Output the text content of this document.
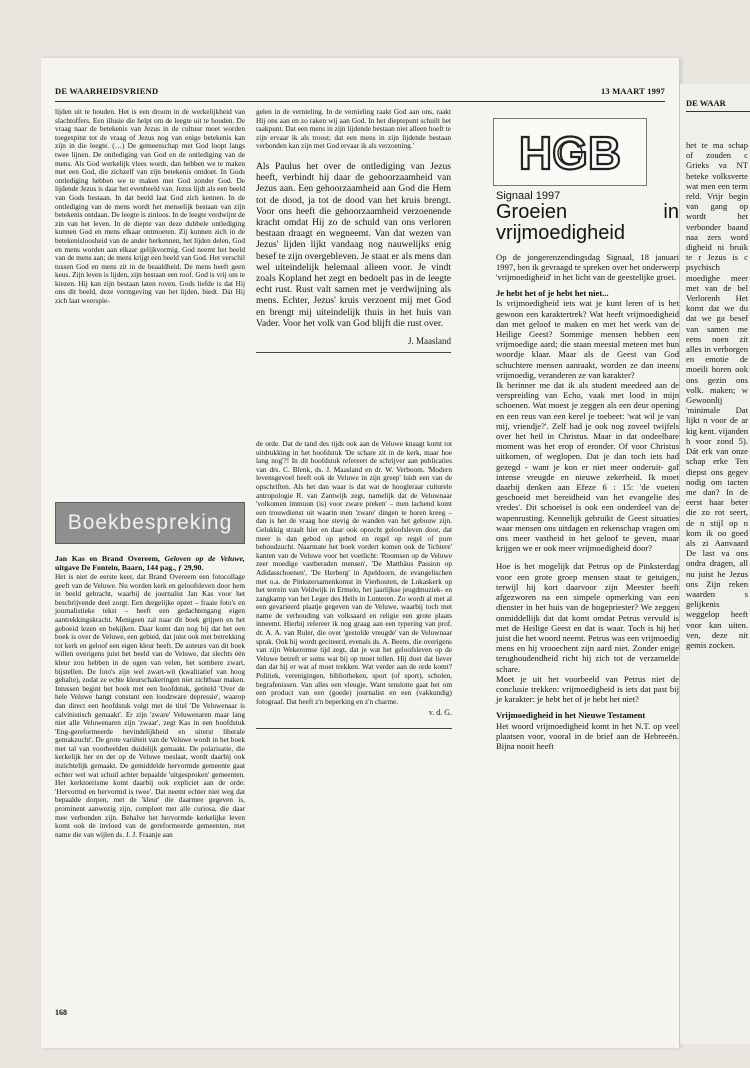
DE WAARHEIDSVRIEND	13 MAART 1997

lijden uit te houden. Het is een droom in de werkelijkheid van slachtoffers. Een illusie die helpt om de leegte uit te houden. De vraag naar de betekenis van Jezus in de cultuur moet worden toegespitst tot de vraag of Jezus nog van enige betekenis kan zijn in die leegte. (…) De gemeenschap met God loopt langs twee lijnen. De ontlediging van God en de ontlediging van de mens. Als God werkelijk vlees wordt, dan hebben we te maken met een God, die zichzelf van zijn betekenis ontdoet. In Gods ontlediging hebben we te maken met God zonder God. De lijdende Jezus is daar het evenbeeld van. Jezus lijdt als een beeld van Gods bestaan. In dat beeld laat God zich kennen. In de ontlediging van de mens wordt het menselijk bestaan van zijn betekenis ontdaan. De leegte is zinloos. In de leegte verdwijnt de zin van het leven. In de diepte van deze dubbele ontlediging kunnen God en mens elkaar ontmoeten. Zij kunnen zich in de betekenisloosheid van de ander herkennen, het lijden delen, God en mens worden aan elkaar gelijkvormig. God neemt het beeld van de mens aan; de mens krijgt een beeld van God. Het verschil tussen God en mens zit in de beaaldheid. De mens heeft geen keus. Zijn leven is lijden, zijn bestaan een roof. God is vrij om te kiezen. Hij kan zijn bestaan laten roven. Gods liefde is dat Hij ons dit beeld, deze vormgeving van het lijden, biedt. Dát Hij zich laat weerspie-

gelen in de vernieling. In de vernieling raakt God aan ons, raakt Hij ons aan en zo raken wij aan God. In het dieptepunt schuilt het raakpunt. Dat een mens in zijn lijdende bestaan niet alleen hoeft te zijn ervaar ik als troost; dat een mens in zijn lijdende bestaan verbonden kan zijn met God ervaar ik als verzoening.'

Als Paulus het over de ontlediging van Jezus heeft, verbindt hij daar de gehoorzaamheid van Jezus aan. Een gehoorzaamheid aan God die Hem tot de dood, ja tot de dood van het kruis brengt. Voor ons heeft die gehoorzaamheid verzoenende kracht omdat Hij zo de schuld van ons verloren bestaan draagt en wegneemt. Van dat wezen van Jezus' lijden lijkt vandaag nog nauwelijks enig besef te zijn overgebleven. Je staat er als mens dan wel uiteindelijk helemaal alleen voor. Je vindt zoals Kopland het zegt en bedoelt pas in de leegte echt rust. Rust valt samen met je verdwijning als mens. Echter, Jezus' kruis verzoent mij met God en brengt mij uiteindelijk thuis in het huis van Vader. Voor het volk van God blijft die rust over.

J. Maasland
HGB
Signaal 1997
Groeien in vrijmoedigheid

Op de jongerenzendingsdag Signaal, 18 januari 1997, ben ik gevraagd te spreken over het onderwerp 'vrijmoedigheid' in het licht van de geestelijke groei.

Je hebt het of je hebt het niet...

Is vrijmoedigheid iets wat je kunt leren of is het gewoon een karaktertrek? Wat heeft vrijmoedigheid dan met geloof te maken en met het werk van de Heilige Geest? Sommige mensen hebben een vrijmoedige aard; die staan meestal meteen met hun woordje klaar. Maar als de Geest van God schuchtere mensen aanraakt, worden ze dan ineens vrijmoedig, veranderen ze van karakter?

Ik herinner me dat ik als student meedeed aan de verspreiding van Echo, vaak met lood in mijn schoenen. Wat moest je zeggen als een deur opening en een reus van een kerel je toebeet: 'wat wil je van mij, vriendje?'. Zelf had je ook nog zoveel twijfels over het heil in Christus. Maar in dat ondeelbare moment was het erop of eronder. Of voor Christus uitkomen, of weglopen. Dat je dan toch iets had gezegd - want je kon er niet meer onderuit- gaf intense vreugde en nieuwe zekerheid. Ik moet daarbij denken aan Efeze 6 : 15: 'de voeten geschoeid met bereidheid van het evangelie des vredes'. Dit schoeisel is ook een onderdeel van de wapenrusting. Kennelijk gebruikt de Geest situaties waar mensen ons uitdagen en rekenschap vragen om ons meer vastheid in het geloof te geven, maar krijgen we er ook meer vrijmoedigheid door?

Hoe is het mogelijk dat Petrus op de Pinksterdag voor een grote groep mensen staat te getuigen, terwijl hij kort daarvoor zijn Meester heeft afgezworen na een simpele opmerking van een dienster in het huis van de hogepriester? We zeggen onmiddellijk dat dat komt omdat Petrus vervuld is met de Heilige Geest en dat is waar. Toch is hij het juist die het woord neemt. Petrus was een vrijmoedig mens en hij vrooechent zijn aard niet. Zonder enige terughoudendheid richt hij zich tot de verzamelde schare.

Moet je uit het voorbeeld van Petrus niet de conclusie trekken: vrijmoedigheid is iets dat past bij je karakter: je hebt het of je hebt het niet?

Vrijmoedigheid in het Nieuwe Testament

Het woord vrijmoedigheid komt in het N.T. op veel plaatsen voor, vooral in de brief aan de Hebreeën. Bijna nooit heeft

Boekbespreking
Jan Kas en Brand Overeem, Geloven op de Veluwe, uitgave De Fontein, Baarn, 144 pag., ƒ 29,90.

Het is niet de eerste keer, dat Brand Overeem een fotocollage geeft van de Veluwe. Nu worden kerk en geloofsleven door hem in beeld gebracht, waarbij de journalist Jan Kas voor het beschrijvende deel zorgt. Een dergelijke opzet – fraaie foto's en journalistieke tekst – heeft een gedachtengang eigen aantrekkingskracht. Menigeen zal naar dit boek grijpen en het geboeid lezen en bekijken. Daar komt dan nog bij dat het een boek is over de Veluwe, een gebied, dat juist ook met betrekking tot kerk en geloof een eigen kleur heeft. De auteurs van dit boek willen overigens juist het beeld van de Veluwe, dat slechts één kleur zou hebben in de ogen van velen, het sombere zwart, bijstellen. De foto's zijn wel zwart-wit (kwalitatief van hoog gehalte), zodat ze echte kleurschakeringen niet zichtbaar maken. Intussen begint het boek met een hoofdstuk, getiteld 'Over de hele Veluwe hangt constant een loodzware depressie', waarop dan direct een hoofdstuk volgt met de titel 'De Veluwenaar is calvinistisch gemaakt'. Er zijn 'zware' Veluwenaren maar lang niet alle Veluwenaren zijn 'zwaar', zegt Kas in een hoofdstuk 'Eng-gereformeerde bevindelijkheid en uiterst liberale gemakzucht'. De grote variëteit van de Veluwe wordt in het boek met tal van voorbeelden duidelijk gemaakt. De polarisatie, die kerkelijk her en der op de Veluwe toeslaat, wordt daarbij ook inzichtelijk gemaakt. De gemiddelde hervormde gemeente gaat echter wel wat schuil achter bepaalde 'uitgesproken' gemeenten. Het kerktoerisme komt daarbij ook expliciet aan de orde: 'Hervormd en hervormd is twee'. Dat neemt echter niet weg dat bepaalde dorpen, met de 'kleur' die daarmee gegeven is, prominent aanwezig zijn, compleet met alle curiosa, die daar mee verbonden zijn. Behalve het hervormde kerkelijke leven komt ook de invloed van de gereformeerde gemeenten, met name die van wijlen ds. J. J. Fraanje aan

de orde. Dat de tand des tijds ook aan de Veluwe knaagt komt tot uitdrukking in het hoofdstuk 'De schare zit in de kerk, maar hoe lang nog'?! In dit hoofdstuk refereert de schrijver aan publicaties van drs. C. Blenk, ds. J. Maasland en dr. W. Verboom. 'Modern levensgevoel heeft ook de Veluwe in zijn greep' luidt een van de opschriften. Als het dan waar is dat wat de hoogleraar culturele antropologie R. van Zantwijk zegt, namelijk dat de Veluwnaar 'volkomen immuun (is) voor zware preken' – men lachend komt een trouwdienst uit waarin men 'zware' dingen te horen kreeg – dan is het de vraag hoe stevig de wanden van het gebouw zijn. Gelukkig straalt hier en daar ook oprecht geloofsleven door, dat meer is dan gebod op gebod en regel op regel of pure behoudzucht. Naarmate het boek vordert komen ook de 'lichtere' kanten van de Veluwe voor het voetlicht: 'Roomsen op de Veluwe zeer moedige vastberaden mensen', 'De Matthäus Passion op Adidasschoenen', 'De Herberg' in Apeldoorn, de evangelischen met o.a. de Pinkstersamenkomst in Vierhouten, de Lukaskerk op het terrein van Veldwijk in Ermelo, het jaarlijkse jeugdmuziek- en zangkamp van het Leger des Heils in Lunteren. Zo wordt al met al een gevarieerd plaatje gegeven van de Veluwe, waarbij toch met name de verhouding van volksaard en religie een grote plaats inneemt. Hierbij refereer ik nog graag aan een typering van prof. dr. A. A. van Ruler, die over 'gestolde vreugde' van de Veluwnaar sprak. Ook hij wordt geciteerd, evenals ds. A. Beens, die overigens van zijn Wekeromse tijd zegt, dat je wat het geloofsleven op de Veluwe betreft er soms wat bij op moet tellen. Hij doet dat liever dan dat hij er wat af moet trekken. Wat verder aan de orde komt? Politiek, verenigingen, bibliotheken, sport (of sport), scholen, begrafenissen. Van alles een vleugje. Want tenslotte gaat het om een product van een (goede) journalist en een (vakkundig) fotograaf. Dat heeft z'n beperking en z'n charme.

v. d. G.
168
DE WAAR

het te ma schap of zouden c Grieks va NT beteke volksverte wat men een term reld. Vrijr begin van gang op wordt het verbonder baand naa zers word digheid ni bruik te r Jezus is c psychisch moedighe meer met van de bel Verlorenh Het komt dat we du dat we ga besef van samen me eens noen zit alles in verborgen en emotie de moeili horen ook ons gezin ons volk. maken; w Gewoonlij 'minimale Dat lijkt n voor de ar kig kent. vijanden h voor zond 5). Dát erk van onze schap erke Ten diepst ons gegev nodig om tacten me dan? In de eerst haar beter die zo rot seert, de n stijl op n kom ik oo goed als zi Aanvaard De last va ons ondra dragen, all nu juist he Jezus ons Zijn reken waarden s gelijkenis weggelop heeft voor kan uiten. ven, deze nit gemis zocken.
